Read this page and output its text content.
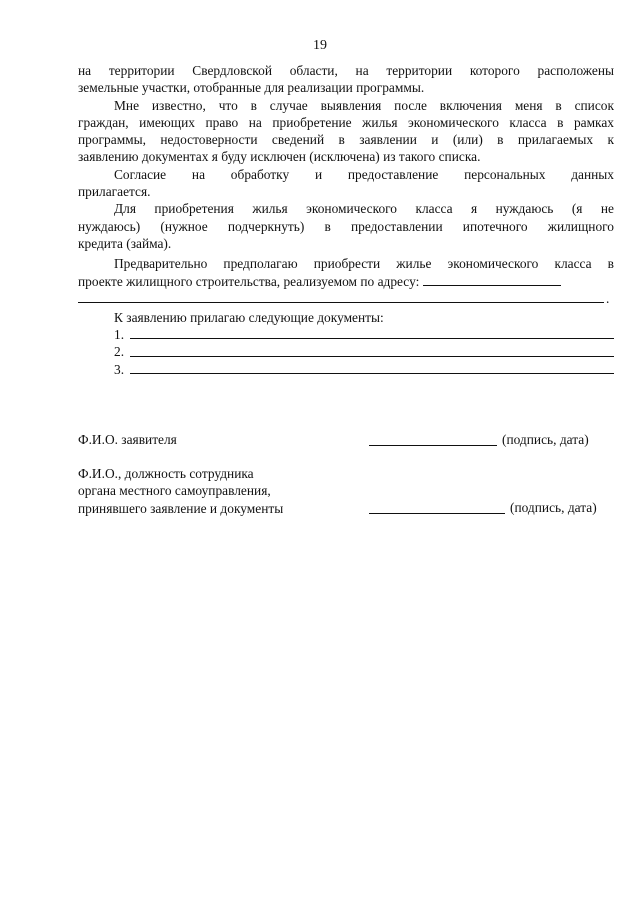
19

на территории Свердловской области, на территории которого расположены
земельные участки, отобранные для реализации программы.

Мне известно, что в случае выявления после включения меня в список
граждан, имеющих право на приобретение жилья экономического класса в рамках
программы, недостоверности сведений в заявлении и (или) в прилагаемых к
заявлению документах я буду исключен (исключена) из такого списка.

Согласие на обработку и предоставление персональных данных
прилагается.

Для приобретения жилья экономического класса я нуждаюсь (я не
нуждаюсь) (нужное подчеркнуть) в предоставлении ипотечного жилищного
кредита (займа).

Предварительно предполагаю приобрести жилье экономического класса в
проекте жилищного строительства, реализуемом по адресу:
.

К заявлению прилагаю следующие документы:
1.
2.
3.
Ф.И.О. заявителя	(подпись, дата)
Ф.И.О., должность сотрудника
органа местного самоуправления,
принявшего заявление и документы	(подпись, дата)
